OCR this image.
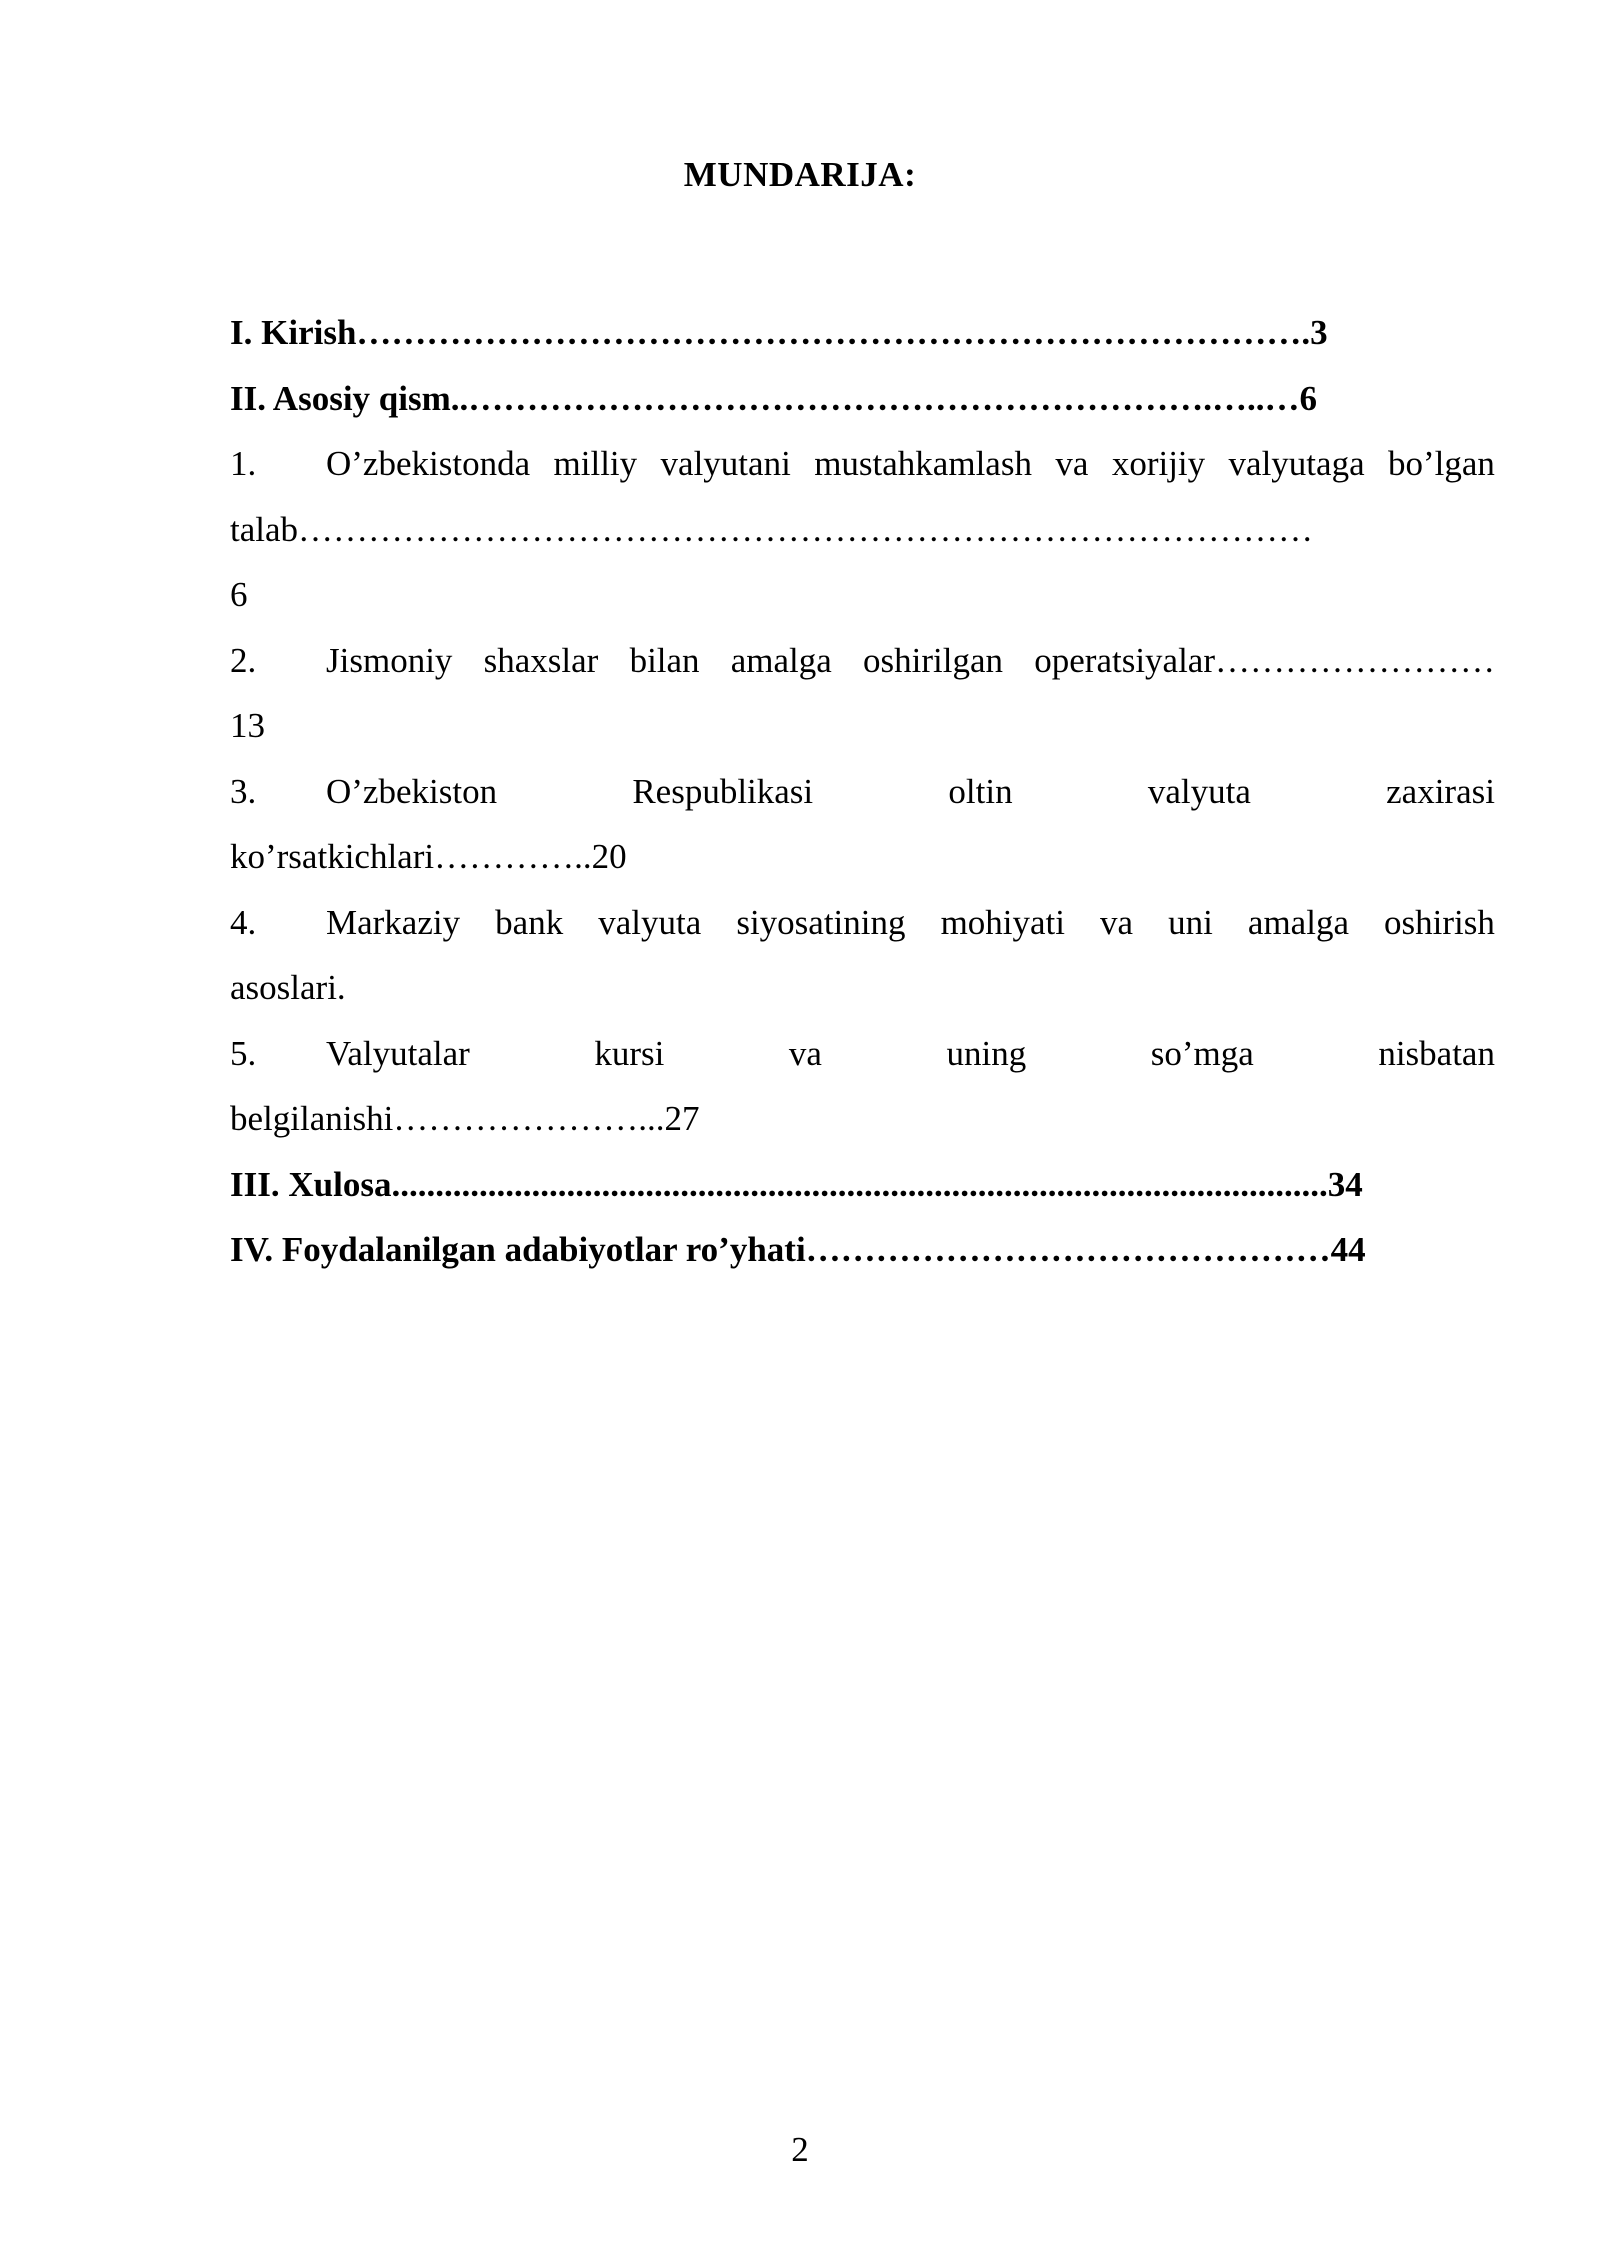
MUNDARIJA:
I. Kirish……………………………………………………………………….3
II. Asosiy qism..……………………………………………………….…..…6
1.	O’zbekistonda milliy valyutani mustahkamlash va xorijiy valyutaga bo’lgan
talab……………………………………………………………………………
6
2.	Jismoniy shaxslar bilan amalga oshirilgan operatsiyalar……………………
13
3.	O’zbekiston	Respublikasi	oltin	valyuta	zaxirasi
ko’rsatkichlari…………..20
4.	Markaziy bank valyuta siyosatining mohiyati va uni amalga oshirish
asoslari.
5.	Valyutalar	kursi	va	uning	so’mga	nisbatan
belgilanishi…………………...27
III. Xulosa...........................................................................................................34
IV. Foydalanilgan adabiyotlar ro’yhati………………………………………44
2
